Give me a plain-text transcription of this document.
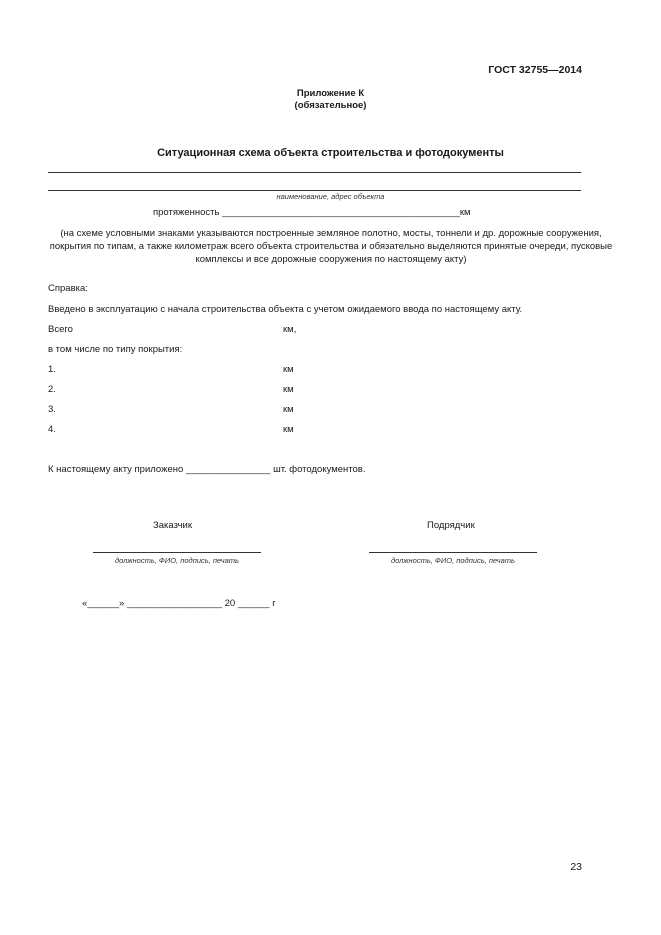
ГОСТ 32755—2014
Приложение К
(обязательное)
Ситуационная схема объекта строительства и фотодокументы
наименование, адрес объекта
протяженность _____________________________________________км
(на схеме условными знаками указываются построенные земляное полотно, мосты, тоннели и др. дорожные сооружения, покрытия по типам, а также километраж всего объекта строительства и обязательно выделяются принятые очереди, пусковые комплексы и все дорожные сооружения по настоящему акту)
Справка:
Введено в эксплуатацию с начала строительства объекта с учетом ожидаемого ввода по настоящему акту.
Всего	км,
в том числе по типу покрытия:
1.	км
2.	км
3.	км
4.	км
К настоящему акту приложено ________________ шт. фотодокументов.
Заказчик	Подрядчик
должность, ФИО, подпись, печать	должность, ФИО, подпись, печать
«______» __________________ 20 ______ г
23
